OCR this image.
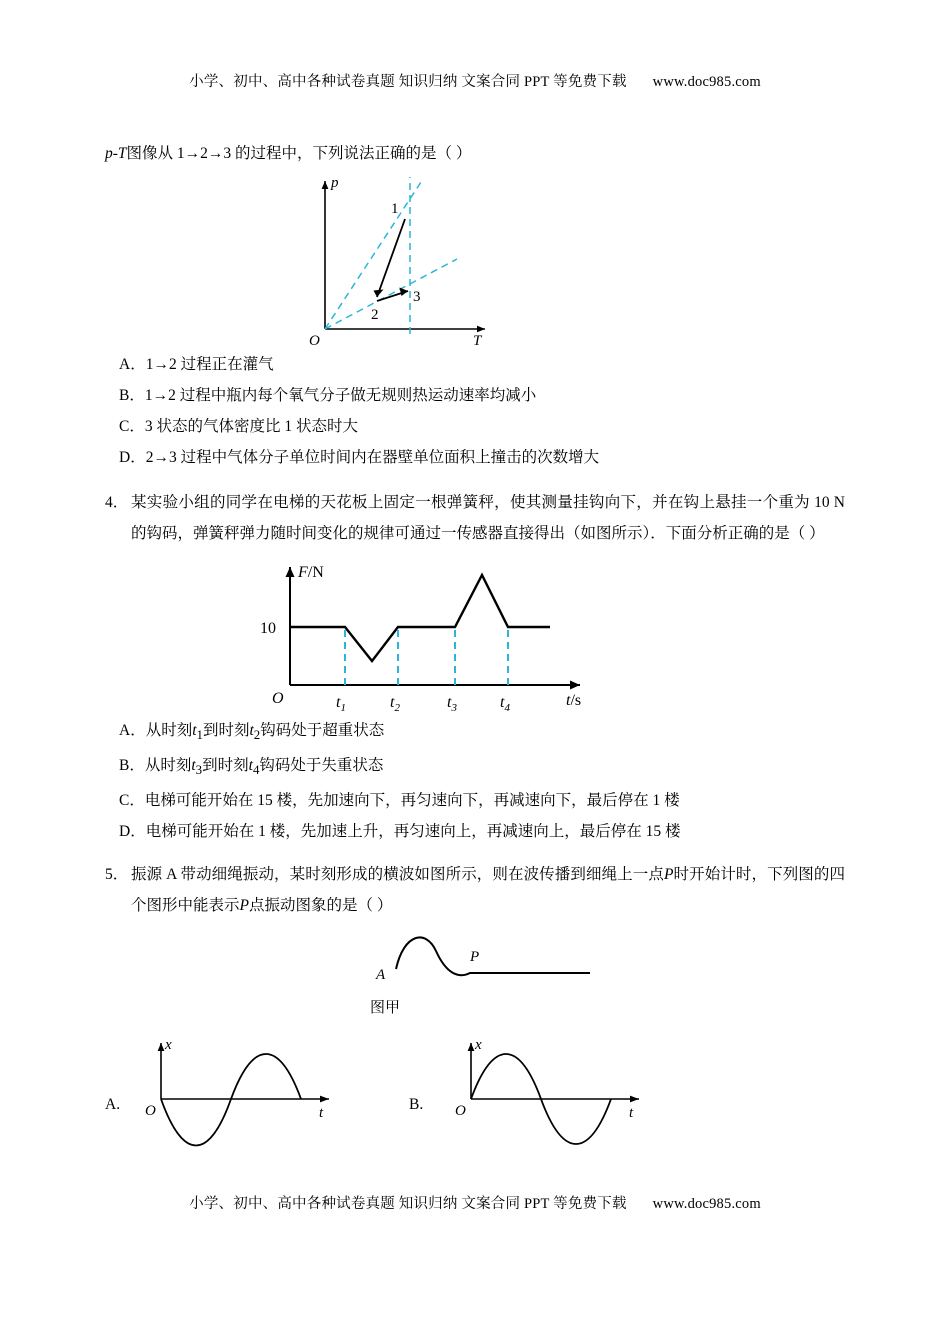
小学、初中、高中各种试卷真题 知识归纳 文案合同 PPT 等免费下载 www.doc985.com
p-T图像从 1→2→3 的过程中，下列说法正确的是（ ）
1
2
3
p
T
O
А．1→2 过程正在灌气
B．1→2 过程中瓶内每个氧气分子做无规则热运动速率均减小
C．3 状态的气体密度比 1 状态时大
D．2→3 过程中气体分子单位时间内在器壁单位面积上撞击的次数增大
4． 某实验小组的同学在电梯的天花板上固定一根弹簧秤，使其测量挂钩向下，并在钩上悬挂一个重为 10 N 的钩码，弹簧秤弹力随时间变化的规律可通过一传感器直接得出（如图所示）．下面分析正确的是（ ）
F/N
10
O	$t_1$	$t_2$	$t_3$	$t_4$	t/s
А．从时刻$t_1$到时刻$t_2$钩码处于超重状态
B．从时刻$t_3$到时刻$t_4$钩码处于失重状态
C．电梯可能开始在 15 楼，先加速向下，再匀速向下，再减速向下，最后停在 1 楼
D．电梯可能开始在 1 楼，先加速上升，再匀速向上，再减速向上，最后停在 15 楼
5． 振源 A 带动细绳振动，某时刻形成的横波如图所示，则在波传播到细绳上一点P时开始计时，下列图的四个图形中能表示P点振动图象的是（ ）
A
P
图甲
A.
x
O	t	B.
x
O	t
小学、初中、高中各种试卷真题 知识归纳 文案合同 PPT 等免费下载 www.doc985.com
